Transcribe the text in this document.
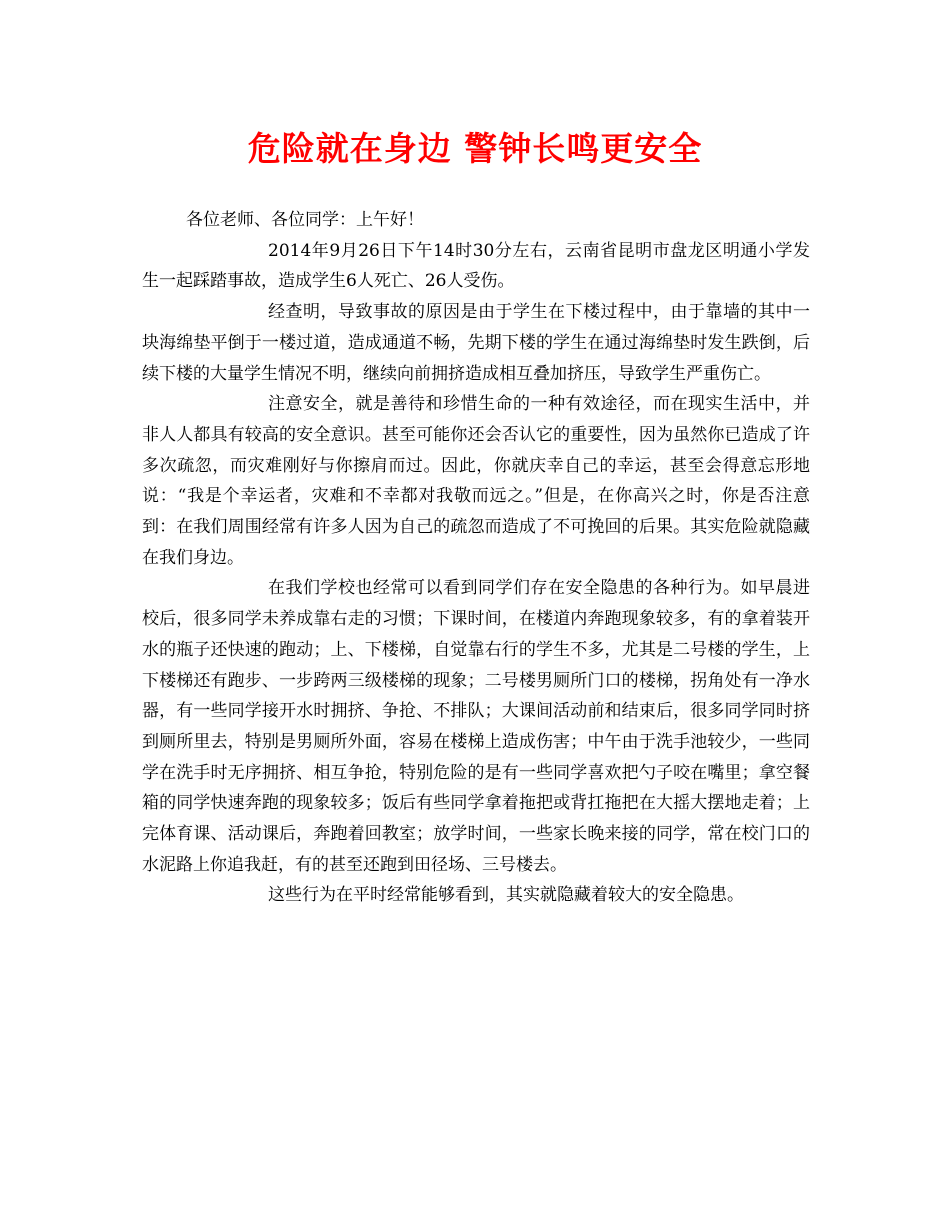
危险就在身边 警钟长鸣更安全

各位老师、各位同学：上午好！

2014年9月26日下午14时30分左右，云南省昆明市盘龙区明通小学发生一起踩踏事故，造成学生6人死亡、26人受伤。

经查明，导致事故的原因是由于学生在下楼过程中，由于靠墙的其中一块海绵垫平倒于一楼过道，造成通道不畅，先期下楼的学生在通过海绵垫时发生跌倒，后续下楼的大量学生情况不明，继续向前拥挤造成相互叠加挤压，导致学生严重伤亡。

注意安全，就是善待和珍惜生命的一种有效途径，而在现实生活中，并非人人都具有较高的安全意识。甚至可能你还会否认它的重要性，因为虽然你已造成了许多次疏忽，而灾难刚好与你擦肩而过。因此，你就庆幸自己的幸运，甚至会得意忘形地说：“我是个幸运者，灾难和不幸都对我敬而远之。”但是，在你高兴之时，你是否注意到：在我们周围经常有许多人因为自己的疏忽而造成了不可挽回的后果。其实危险就隐藏在我们身边。

在我们学校也经常可以看到同学们存在安全隐患的各种行为。如早晨进校后，很多同学未养成靠右走的习惯；下课时间，在楼道内奔跑现象较多，有的拿着装开水的瓶子还快速的跑动；上、下楼梯，自觉靠右行的学生不多，尤其是二号楼的学生，上下楼梯还有跑步、一步跨两三级楼梯的现象；二号楼男厕所门口的楼梯，拐角处有一净水器，有一些同学接开水时拥挤、争抢、不排队；大课间活动前和结束后，很多同学同时挤到厕所里去，特别是男厕所外面，容易在楼梯上造成伤害；中午由于洗手池较少，一些同学在洗手时无序拥挤、相互争抢，特别危险的是有一些同学喜欢把勺子咬在嘴里；拿空餐箱的同学快速奔跑的现象较多；饭后有些同学拿着拖把或背扛拖把在大摇大摆地走着；上完体育课、活动课后，奔跑着回教室；放学时间，一些家长晚来接的同学，常在校门口的水泥路上你追我赶，有的甚至还跑到田径场、三号楼去。

这些行为在平时经常能够看到，其实就隐藏着较大的安全隐患。
